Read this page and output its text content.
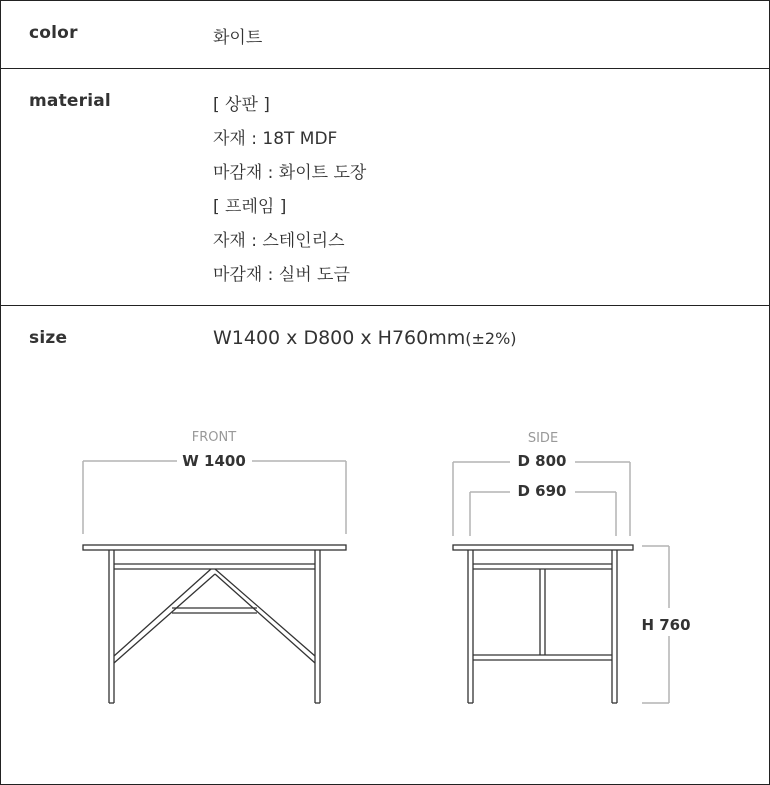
color	화이트
material	[ 상판 ]
자재 : 18T MDF
마감재 : 화이트 도장
[ 프레임 ]
자재 : 스테인리스
마감재 : 실버 도금
size	W1400 x D800 x H760mm(±2%)
FRONT
W 1400
SIDE
D 800
D 690
H 760
